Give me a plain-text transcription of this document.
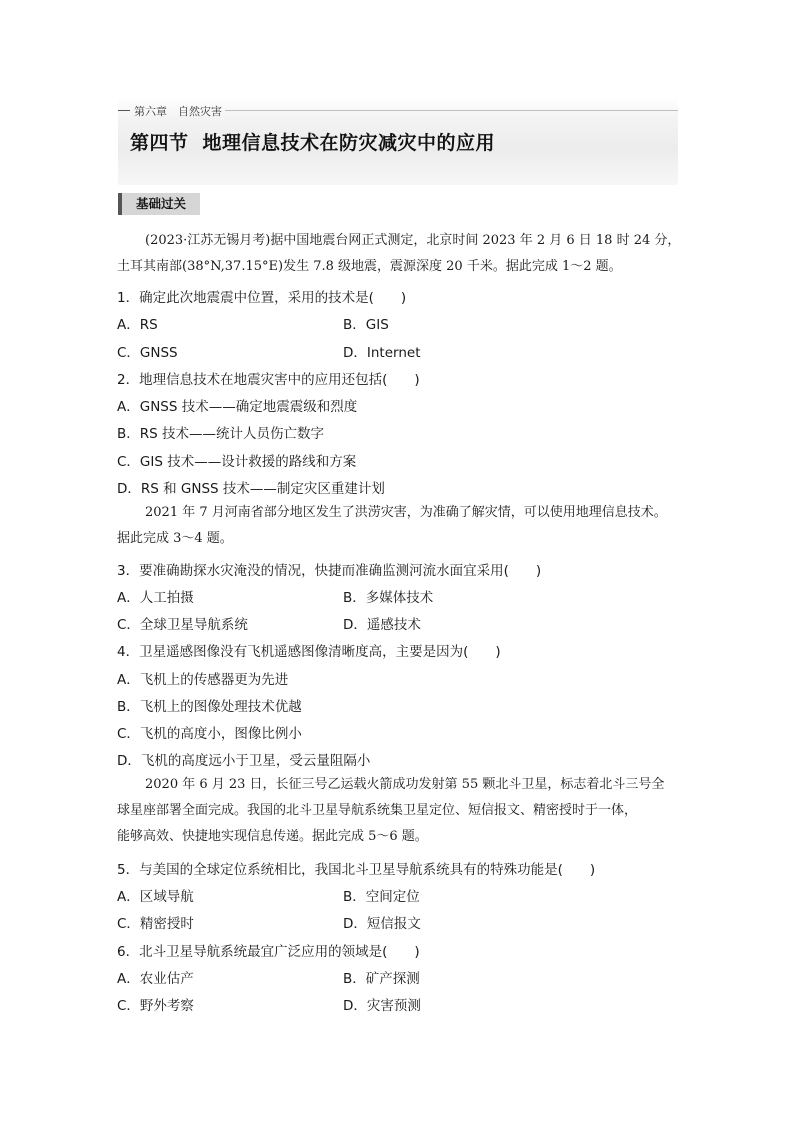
第六章　自然灾害
第四节 地理信息技术在防灾减灾中的应用
基础过关
(2023·江苏无锡月考)据中国地震台网正式测定，北京时间 2023 年 2 月 6 日 18 时 24 分，
土耳其南部(38°N,37.15°E)发生 7.8 级地震，震源深度 20 千米。据此完成 1～2 题。
1．确定此次地震震中位置，采用的技术是(　　)
A．RS	B．GIS
C．GNSS	D．Internet
2．地理信息技术在地震灾害中的应用还包括(　　)
A．GNSS 技术——确定地震震级和烈度
B．RS 技术——统计人员伤亡数字
C．GIS 技术——设计救援的路线和方案
D．RS 和 GNSS 技术——制定灾区重建计划
2021 年 7 月河南省部分地区发生了洪涝灾害，为准确了解灾情，可以使用地理信息技术。
据此完成 3～4 题。
3．要准确勘探水灾淹没的情况，快捷而准确监测河流水面宜采用(　　)
A．人工拍摄	B．多媒体技术
C．全球卫星导航系统	D．遥感技术
4．卫星遥感图像没有飞机遥感图像清晰度高，主要是因为(　　)
A．飞机上的传感器更为先进
B．飞机上的图像处理技术优越
C．飞机的高度小，图像比例小
D．飞机的高度远小于卫星，受云量阻隔小
2020 年 6 月 23 日，长征三号乙运载火箭成功发射第 55 颗北斗卫星，标志着北斗三号全
球星座部署全面完成。我国的北斗卫星导航系统集卫星定位、短信报文、精密授时于一体，
能够高效、快捷地实现信息传递。据此完成 5～6 题。
5．与美国的全球定位系统相比，我国北斗卫星导航系统具有的特殊功能是(　　)
A．区域导航	B．空间定位
C．精密授时	D．短信报文
6．北斗卫星导航系统最宜广泛应用的领域是(　　)
A．农业估产	B．矿产探测
C．野外考察	D．灾害预测
